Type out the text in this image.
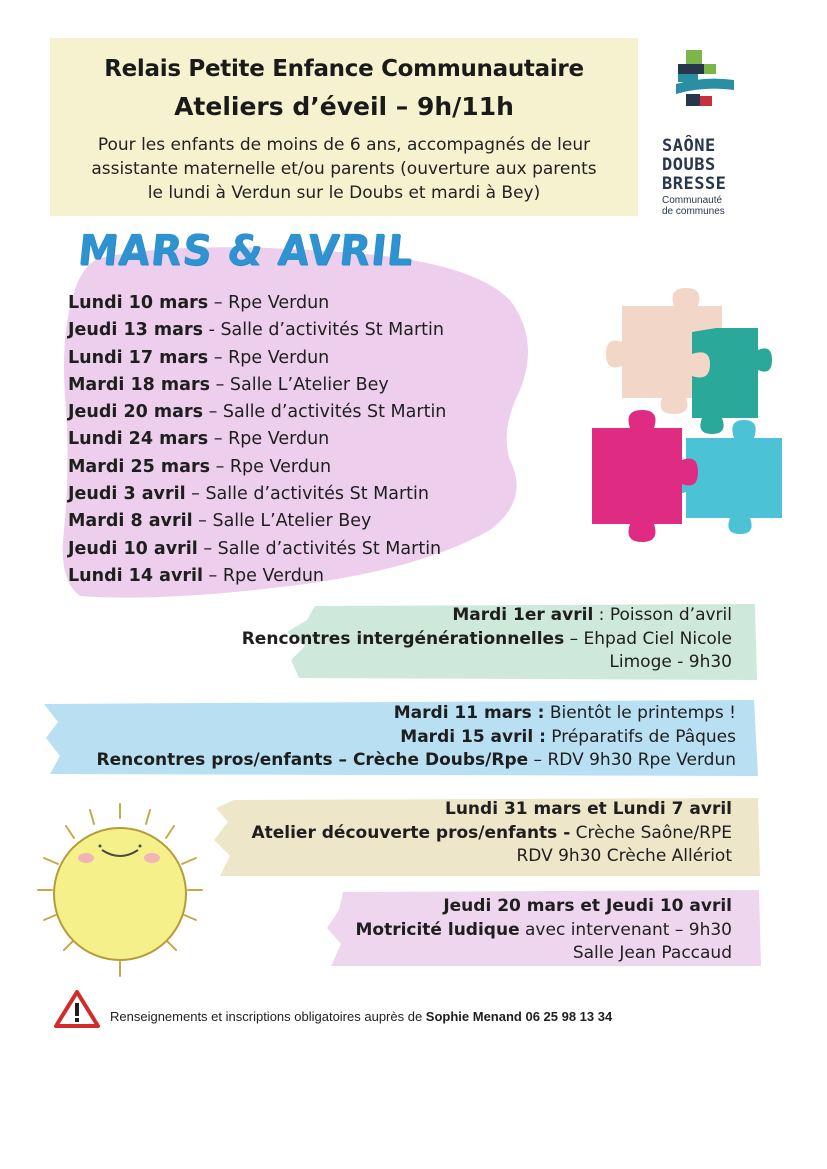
Relais Petite Enfance Communautaire
Ateliers d’éveil – 9h/11h
Pour les enfants de moins de 6 ans, accompagnés de leur
assistante maternelle et/ou parents (ouverture aux parents
le lundi à Verdun sur le Doubs et mardi à Bey)
SAÔNE
DOUBS
BRESSE
Communauté
de communes
MARS & AVRIL
Lundi 10 mars – Rpe Verdun
Jeudi 13 mars - Salle d’activités St Martin
Lundi 17 mars – Rpe Verdun
Mardi 18 mars – Salle L’Atelier Bey
Jeudi 20 mars – Salle d’activités St Martin
Lundi 24 mars – Rpe Verdun
Mardi 25 mars – Rpe Verdun
Jeudi 3 avril – Salle d’activités St Martin
Mardi 8 avril – Salle L’Atelier Bey
Jeudi 10 avril – Salle d’activités St Martin
Lundi 14 avril – Rpe Verdun
Mardi 1er avril : Poisson d’avril
Rencontres intergénérationnelles – Ehpad Ciel Nicole
Limoge - 9h30
Mardi 11 mars : Bientôt le printemps !
Mardi 15 avril : Préparatifs de Pâques
Rencontres pros/enfants – Crèche Doubs/Rpe – RDV 9h30 Rpe Verdun
Lundi 31 mars et Lundi 7 avril
Atelier découverte pros/enfants - Crèche Saône/RPE
RDV 9h30 Crèche Allériot
Jeudi 20 mars et Jeudi 10 avril
Motricité ludique avec intervenant – 9h30
Salle Jean Paccaud
Renseignements et inscriptions obligatoires auprès de Sophie Menand 06 25 98 13 34
